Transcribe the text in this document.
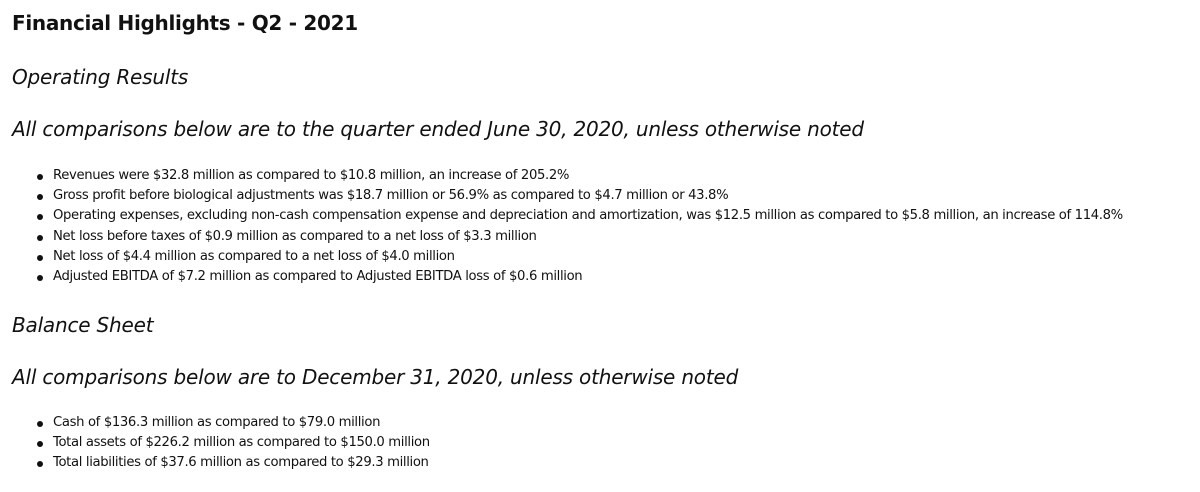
Financial Highlights - Q2 - 2021
Operating Results
All comparisons below are to the quarter ended June 30, 2020, unless otherwise noted
Revenues were $32.8 million as compared to $10.8 million, an increase of 205.2%
Gross profit before biological adjustments was $18.7 million or 56.9% as compared to $4.7 million or 43.8%
Operating expenses, excluding non-cash compensation expense and depreciation and amortization, was $12.5 million as compared to $5.8 million, an increase of 114.8%
Net loss before taxes of $0.9 million as compared to a net loss of $3.3 million
Net loss of $4.4 million as compared to a net loss of $4.0 million
Adjusted EBITDA of $7.2 million as compared to Adjusted EBITDA loss of $0.6 million
Balance Sheet
All comparisons below are to December 31, 2020, unless otherwise noted
Cash of $136.3 million as compared to $79.0 million
Total assets of $226.2 million as compared to $150.0 million
Total liabilities of $37.6 million as compared to $29.3 million
